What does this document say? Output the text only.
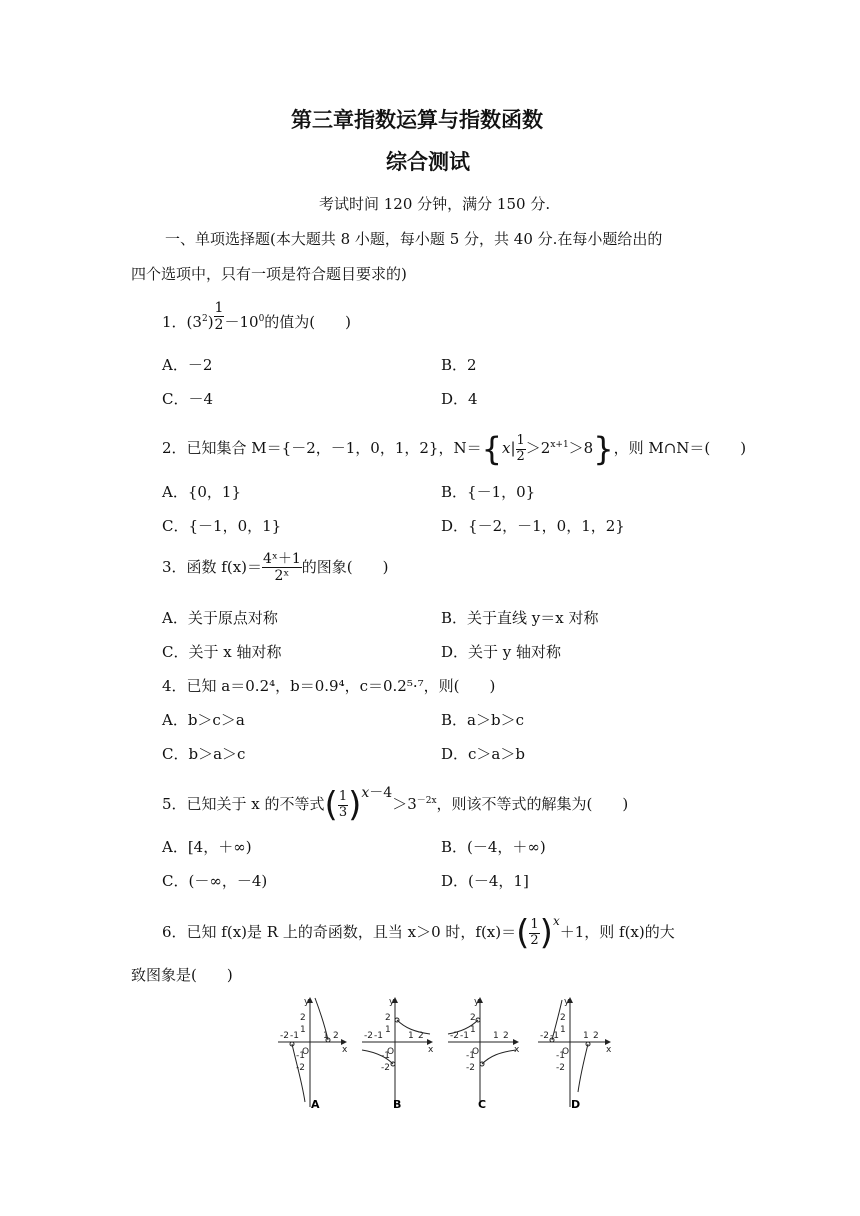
第三章指数运算与指数函数
综合测试
考试时间 120 分钟，满分 150 分.
一、单项选择题(本大题共 8 小题，每小题 5 分，共 40 分.在每小题给出的
四个选项中，只有一项是符合题目要求的)
1．$(3^2) \frac{1}{2} -10^0$的值为(　　)
A．－2	B．2
C．－4	D．4
2．已知集合 M＝{－2，－1，0，1，2}，$N=\{x| \frac{1}{2} >2^{x+1}>8\}$，则 M∩N＝(　　)
A．{0，1}	B．{－1，0}
C．{－1，0，1}	D．{－2，－1，0，1，2}
3．函数 $f(x)= \frac{\text{4ˣ＋1}}{\text{2ˣ}}$ 的图象(　　)
A．关于原点对称	B．关于直线 y＝x 对称
C．关于 x 轴对称	D．关于 y 轴对称
4．已知 a＝0.2⁴，b＝0.9⁴，c＝0.2⁵·⁷，则(　　)
A．b＞c＞a	B．a＞b＞c
C．b＞a＞c	D．c＞a＞b
5．已知关于 x 的不等式( $\frac{1}{3} )^{x-4}>3^{-2x}$，则该不等式的解集为(　　)
A．[4，＋∞)	B．(－4，＋∞)
C．(－∞，－4)	D．(－4，1]
6．已知 f(x)是 R 上的奇函数，且当 x＞0 时，$f(x)=( \frac{1}{2} )^x+1$，则 f(x)的大
致图象是(　　)
y
x
O
2
1
-1
-2
-2 -1	1 2
A
y
x
O
2
1
-1
-2
-2 -1	1 2
B
y
x
O
2
1
-1
-2
-2 -1	1 2
C
y
x
O
2
1
-1
-2
-2 -1	1 2
D
